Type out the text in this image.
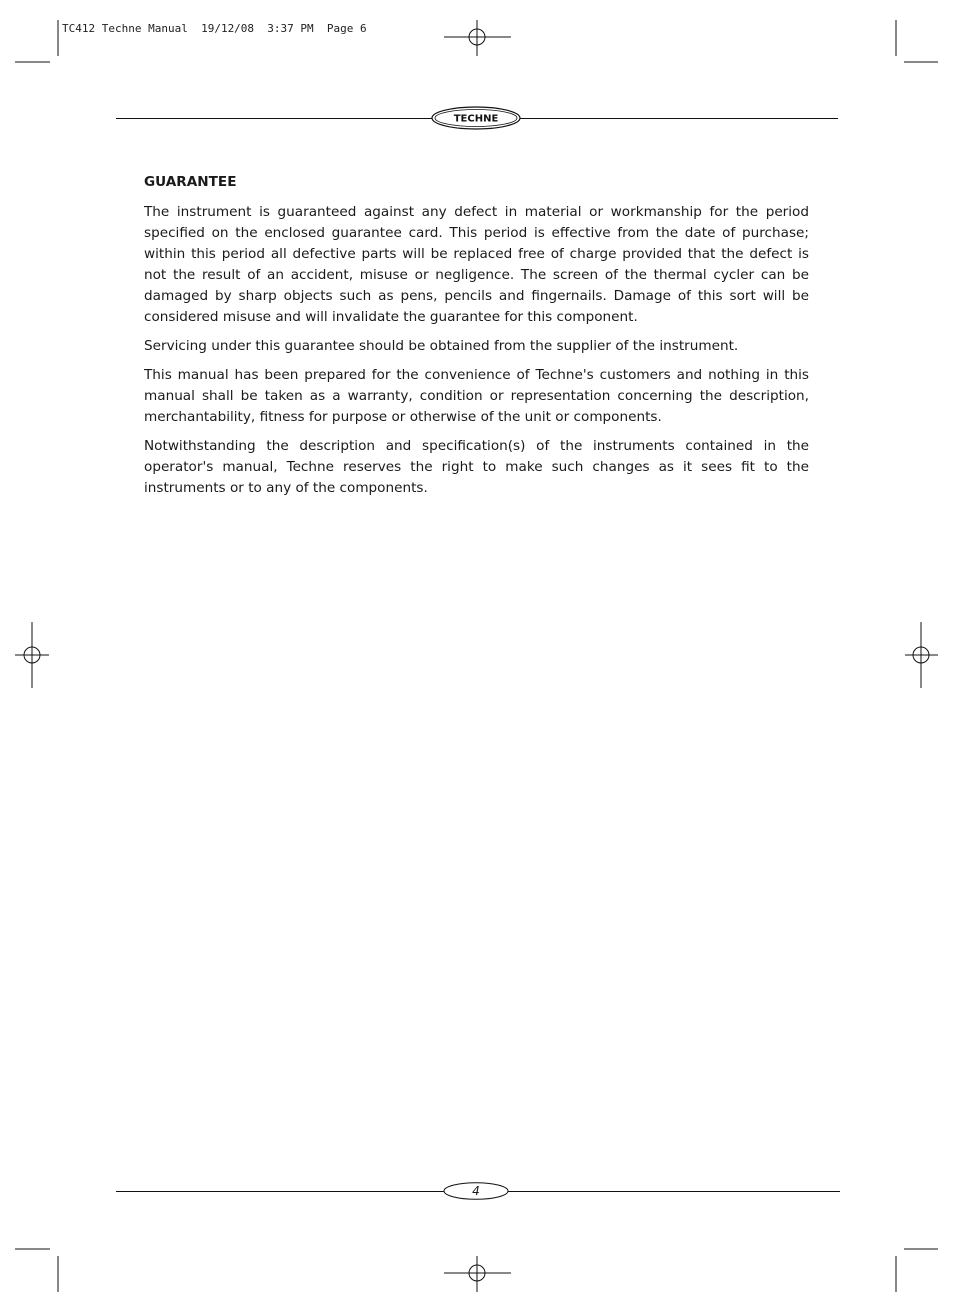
TC412 Techne Manual  19/12/08  3:37 PM  Page 6
TECHNE
GUARANTEE

The instrument is guaranteed against any defect in material or workmanship for the period specified on the enclosed guarantee card. This period is effective from the date of purchase; within this period all defective parts will be replaced free of charge provided that the defect is not the result of an accident, misuse or negligence. The screen of the thermal cycler can be damaged by sharp objects such as pens, pencils and fingernails. Damage of this sort will be considered misuse and will invalidate the guarantee for this component.

Servicing under this guarantee should be obtained from the supplier of the instrument.

This manual has been prepared for the convenience of Techne's customers and nothing in this manual shall be taken as a warranty, condition or representation concerning the description, merchantability, fitness for purpose or otherwise of the unit or components.

Notwithstanding the description and specification(s) of the instruments contained in the operator's manual, Techne reserves the right to make such changes as it sees fit to the instruments or to any of the components.

4
